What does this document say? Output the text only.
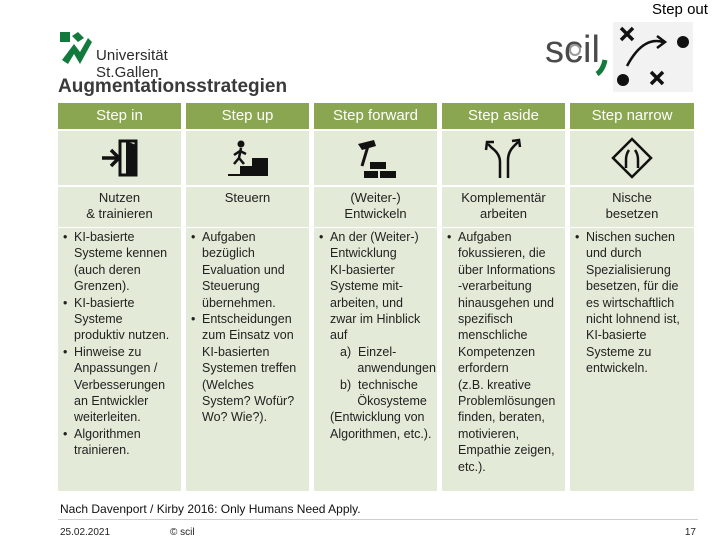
Step out
Universität St.Gallen
scil
Augmentationsstrategien
Step in
Nutzen
& trainieren
• KI-basierte
Systeme kennen
(auch deren
Grenzen).
• KI-basierte
Systeme
produktiv nutzen.
• Hinweise zu
Anpassungen /
Verbesserungen
an Entwickler
weiterleiten.
• Algorithmen
trainieren.
Step up
Steuern
• Aufgaben
bezüglich
Evaluation und
Steuerung
übernehmen.
• Entscheidungen
zum Einsatz von
KI-basierten
Systemen treffen
(Welches
System? Wofür?
Wo? Wie?).
Step forward
(Weiter-)
Entwickeln
• An der (Weiter-)
Entwicklung
KI-basierter
Systeme mit-
arbeiten, und
zwar im Hinblick
auf
a)  Einzel-
anwendungen
b)  technische
Ökosysteme
(Entwicklung von
Algorithmen, etc.).
Step aside
Komplementär
arbeiten
• Aufgaben
fokussieren, die
über Informations
-verarbeitung
hinausgehen und
spezifisch
menschliche
Kompetenzen
erfordern
(z.B. kreative
Problemlösungen
finden, beraten,
motivieren,
Empathie zeigen,
etc.).
Step narrow
Nische
besetzen
• Nischen suchen
und durch
Spezialisierung
besetzen, für die
es wirtschaftlich
nicht lohnend ist,
KI-basierte
Systeme zu
entwickeln.
Nach Davenport / Kirby 2016: Only Humans Need Apply.
25.02.2021	© scil	17
